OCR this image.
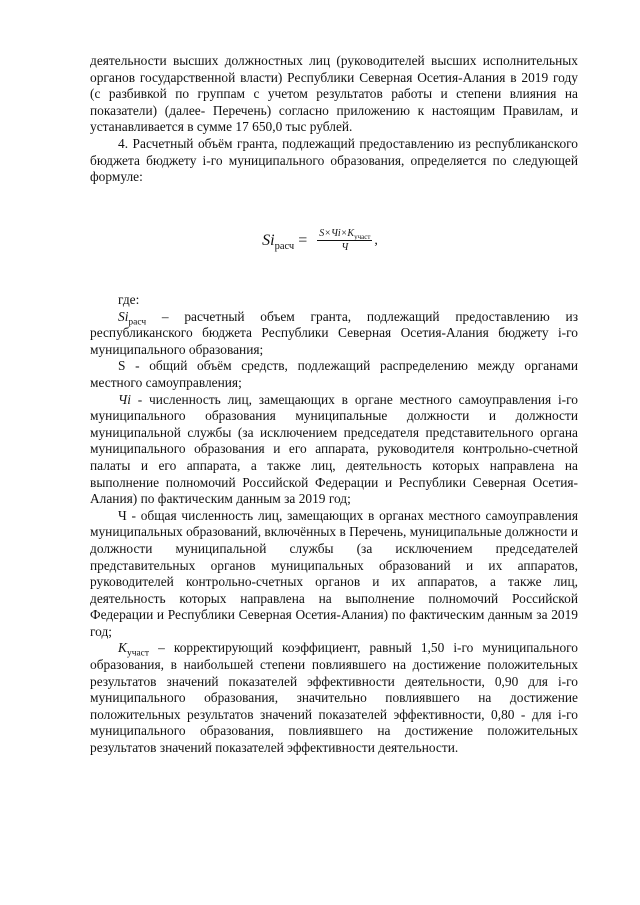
деятельности высших должностных лиц (руководителей высших исполнительных органов государственной власти) Республики Северная Осетия-Алания в 2019 году (с разбивкой по группам с учетом результатов работы и степени влияния на показатели) (далее- Перечень) согласно приложению к настоящим Правилам, и устанавливается в сумме 17 650,0 тыс рублей.

4. Расчетный объём гранта, подлежащий предоставлению из республиканского бюджета бюджету i-го муниципального образования, определяется по следующей формуле:

$Si_{расч} = \frac{S\times Чi\times K_{участ}}{Ч}$ ,

где:

$Si_{расч}$ – расчетный объем гранта, подлежащий предоставлению из республиканского бюджета Республики Северная Осетия-Алания бюджету i-го муниципального образования;

S - общий объём средств, подлежащий распределению между органами местного самоуправления;

Чi - численность лиц, замещающих в органе местного самоуправления i-го муниципального образования муниципальные должности и должности муниципальной службы (за исключением председателя представительного органа муниципального образования и его аппарата, руководителя контрольно-счетной палаты и его аппарата, а также лиц, деятельность которых направлена на выполнение полномочий Российской Федерации и Республики Северная Осетия-Алания) по фактическим данным за 2019 год;

Ч - общая численность лиц, замещающих в органах местного самоуправления муниципальных образований, включённых в Перечень, муниципальные должности и должности муниципальной службы (за исключением председателей представительных органов муниципальных образований и их аппаратов, руководителей контрольно-счетных органов и их аппаратов, а также лиц, деятельность которых направлена на выполнение полномочий Российской Федерации и Республики Северная Осетия-Алания) по фактическим данным за 2019 год;

$K_{участ}$ – корректирующий коэффициент, равный 1,50 i-го муниципального образования, в наибольшей степени повлиявшего на достижение положительных результатов значений показателей эффективности деятельности, 0,90 для i-го муниципального образования, значительно повлиявшего на достижение положительных результатов значений показателей эффективности, 0,80 - для i-го муниципального образования, повлиявшего на достижение положительных результатов значений показателей эффективности деятельности.
